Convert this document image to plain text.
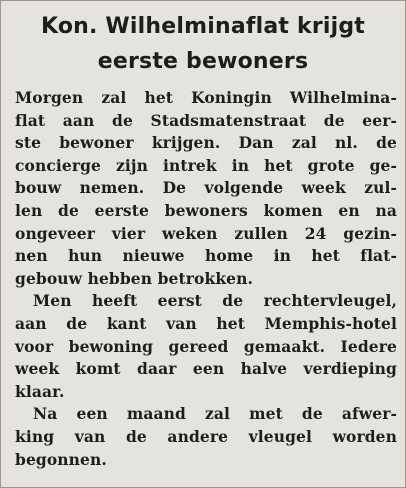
Kon. Wilhelminaflat krijgt
eerste bewoners

Morgen zal het Koningin Wilhelmina-
flat aan de Stadsmatenstraat de eer-
ste bewoner krijgen. Dan zal nl. de
concierge zijn intrek in het grote ge-
bouw nemen. De volgende week zul-
len de eerste bewoners komen en na
ongeveer vier weken zullen 24 gezin-
nen hun nieuwe home in het flat-
gebouw hebben betrokken.

Men heeft eerst de rechtervleugel,
aan de kant van het Memphis-hotel
voor bewoning gereed gemaakt. Iedere
week komt daar een halve verdieping
klaar.

Na een maand zal met de afwer-
king van de andere vleugel worden
begonnen.
